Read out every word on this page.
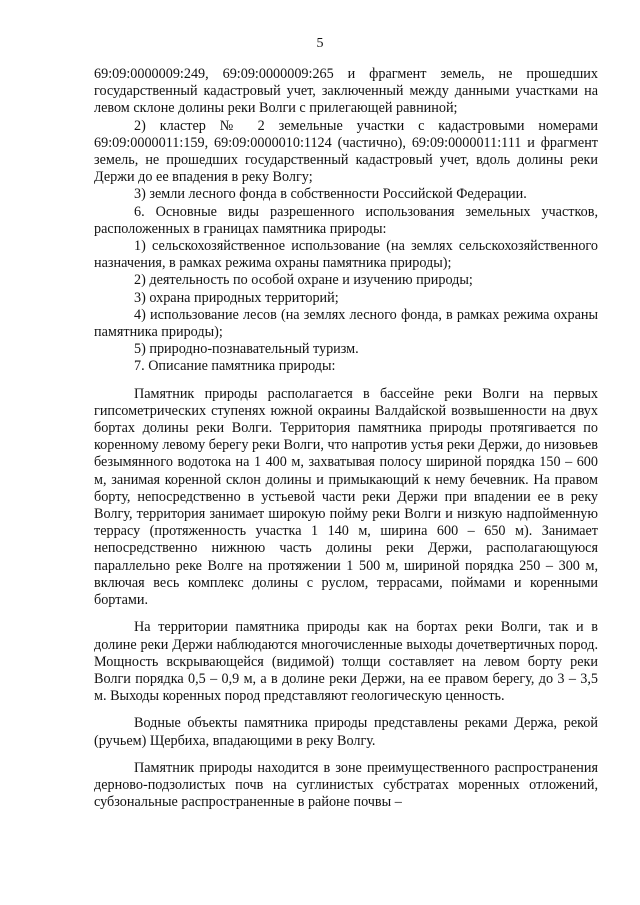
5

69:09:0000009:249, 69:09:0000009:265 и фрагмент земель, не прошедших государственный кадастровый учет, заключенный между данными участками на левом склоне долины реки Волги с прилегающей равниной;

2) кластер № 2 земельные участки с кадастровыми номерами 69:09:0000011:159, 69:09:0000010:1124 (частично), 69:09:0000011:111 и фрагмент земель, не прошедших государственный кадастровый учет, вдоль долины реки Держи до ее впадения в реку Волгу;

3) земли лесного фонда в собственности Российской Федерации.

6. Основные виды разрешенного использования земельных участков, расположенных в границах памятника природы:

1) сельскохозяйственное использование (на землях сельскохозяйственного назначения, в рамках режима охраны памятника природы);

2) деятельность по особой охране и изучению природы;

3) охрана природных территорий;

4) использование лесов (на землях лесного фонда, в рамках режима охраны памятника природы);

5) природно-познавательный туризм.

7. Описание памятника природы:

Памятник природы располагается в бассейне реки Волги на первых гипсометрических ступенях южной окраины Валдайской возвышенности на двух бортах долины реки Волги. Территория памятника природы протягивается по коренному левому берегу реки Волги, что напротив устья реки Держи, до низовьев безымянного водотока на 1 400 м, захватывая полосу шириной порядка 150 – 600 м, занимая коренной склон долины и примыкающий к нему бечевник. На правом борту, непосредственно в устьевой части реки Держи при впадении ее в реку Волгу, территория занимает широкую пойму реки Волги и низкую надпойменную террасу (протяженность участка 1 140 м, ширина 600 – 650 м). Занимает непосредственно нижнюю часть долины реки Держи, располагающуюся параллельно реке Волге на протяжении 1 500 м, шириной порядка 250 – 300 м, включая весь комплекс долины с руслом, террасами, поймами и коренными бортами.

На территории памятника природы как на бортах реки Волги, так и в долине реки Держи наблюдаются многочисленные выходы дочетвертичных пород. Мощность вскрывающейся (видимой) толщи составляет на левом борту реки Волги порядка 0,5 – 0,9 м, а в долине реки Держи, на ее правом берегу, до 3 – 3,5 м. Выходы коренных пород представляют геологическую ценность.

Водные объекты памятника природы представлены реками Держа, рекой (ручьем) Щербиха, впадающими в реку Волгу.

Памятник природы находится в зоне преимущественного распространения дерново-подзолистых почв на суглинистых субстратах моренных отложений, субзональные распространенные в районе почвы –
